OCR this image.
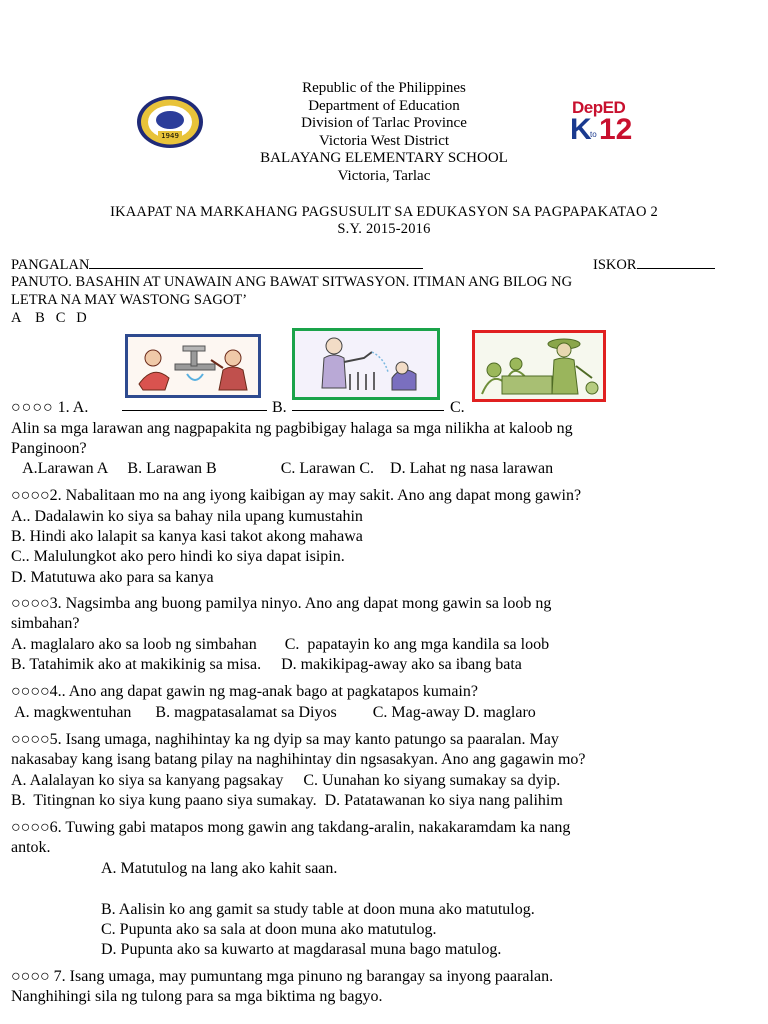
1949
Republic of the Philippines
Department of Education
Division of Tarlac Province
Victoria West District
BALAYANG ELEMENTARY SCHOOL
Victoria, Tarlac
DepED
K
to 12
IKAAPAT NA MARKAHANG PAGSUSULIT SA EDUKASYON SA PAGPAPAKATAO 2
S.Y. 2015-2016
PANGALAN	ISKOR
PANUTO. BASAHIN AT UNAWAIN ANG BAWAT SITWASYON. ITIMAN ANG BILOG NG
LETRA NA MAY WASTONG SAGOT’
A    B   C   D
○○○○ 1. A.	B.	C.
Alin sa mga larawan ang nagpapakita ng pagbibigay halaga sa mga nilikha at kaloob ng
Panginoon?
A.Larawan A     B. Larawan B                C. Larawan C.    D. Lahat ng nasa larawan
○○○○2. Nabalitaan mo na ang iyong kaibigan ay may sakit. Ano ang dapat mong gawin?
A.. Dadalawin ko siya sa bahay nila upang kumustahin
B. Hindi ako lalapit sa kanya kasi takot akong mahawa
C.. Malulungkot ako pero hindi ko siya dapat isipin.
D. Matutuwa ako para sa kanya
○○○○3. Nagsimba ang buong pamilya ninyo. Ano ang dapat mong gawin sa loob ng
simbahan?
A. maglalaro ako sa loob ng simbahan       C.  papatayin ko ang mga kandila sa loob
B. Tatahimik ako at makikinig sa misa.     D. makikipag-away ako sa ibang bata
○○○○4.. Ano ang dapat gawin ng mag-anak bago at pagkatapos kumain?
A. magkwentuhan      B. magpatasalamat sa Diyos         C. Mag-away D. maglaro
○○○○5. Isang umaga, naghihintay ka ng dyip sa may kanto patungo sa paaralan. May
nakasabay kang isang batang pilay na naghihintay din ngsasakyan. Ano ang gagawin mo?
A. Aalalayan ko siya sa kanyang pagsakay     C. Uunahan ko siyang sumakay sa dyip.
B.  Titingnan ko siya kung paano siya sumakay.  D. Patatawanan ko siya nang palihim
○○○○6. Tuwing gabi matapos mong gawin ang takdang-aralin, nakakaramdam ka nang
antok.
A. Matutulog na lang ako kahit saan.
B. Aalisin ko ang gamit sa study table at doon muna ako matutulog.
C. Pupunta ako sa sala at doon muna ako matutulog.
D. Pupunta ako sa kuwarto at magdarasal muna bago matulog.
○○○○ 7. Isang umaga, may pumuntang mga pinuno ng barangay sa inyong paaralan.
Nanghihingi sila ng tulong para sa mga biktima ng bagyo.
